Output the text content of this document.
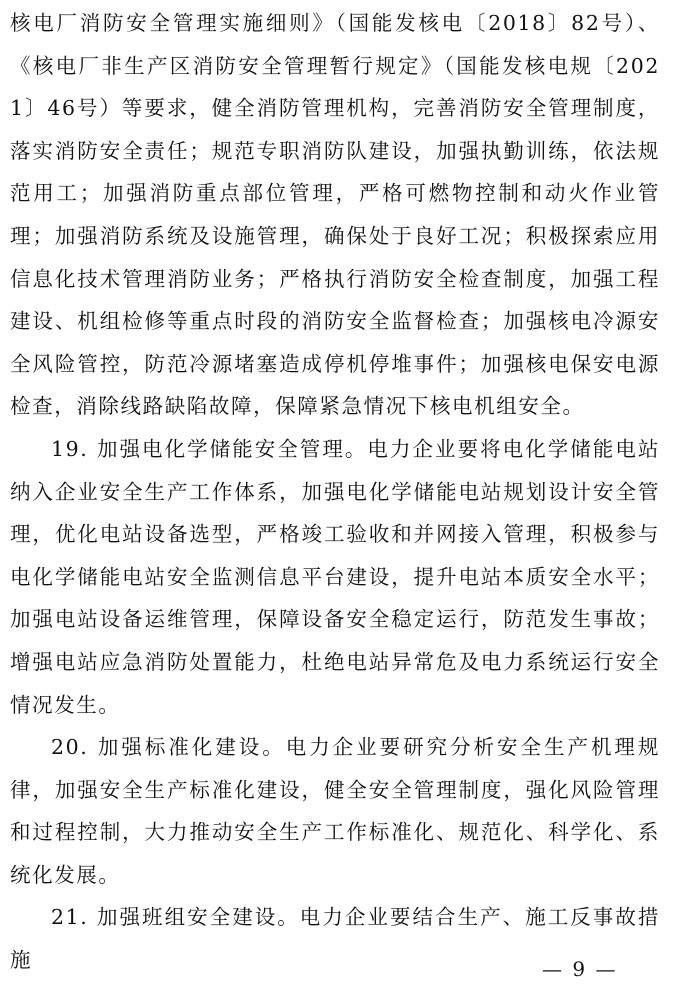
核电厂消防安全管理实施细则》（国能发核电〔2018〕82号）、《核电厂非生产区消防安全管理暂行规定》（国能发核电规〔2021〕46号）等要求，健全消防管理机构，完善消防安全管理制度，落实消防安全责任；规范专职消防队建设，加强执勤训练，依法规范用工；加强消防重点部位管理，严格可燃物控制和动火作业管理；加强消防系统及设施管理，确保处于良好工况；积极探索应用信息化技术管理消防业务；严格执行消防安全检查制度，加强工程建设、机组检修等重点时段的消防安全监督检查；加强核电冷源安全风险管控，防范冷源堵塞造成停机停堆事件；加强核电保安电源检查，消除线路缺陷故障，保障紧急情况下核电机组安全。

19. 加强电化学储能安全管理。电力企业要将电化学储能电站纳入企业安全生产工作体系，加强电化学储能电站规划设计安全管理，优化电站设备选型，严格竣工验收和并网接入管理，积极参与电化学储能电站安全监测信息平台建设，提升电站本质安全水平；加强电站设备运维管理，保障设备安全稳定运行，防范发生事故；增强电站应急消防处置能力，杜绝电站异常危及电力系统运行安全情况发生。

20. 加强标准化建设。电力企业要研究分析安全生产机理规律，加强安全生产标准化建设，健全安全管理制度，强化风险管理和过程控制，大力推动安全生产工作标准化、规范化、科学化、系统化发展。

21. 加强班组安全建设。电力企业要结合生产、施工反事故措施	— 9 —
